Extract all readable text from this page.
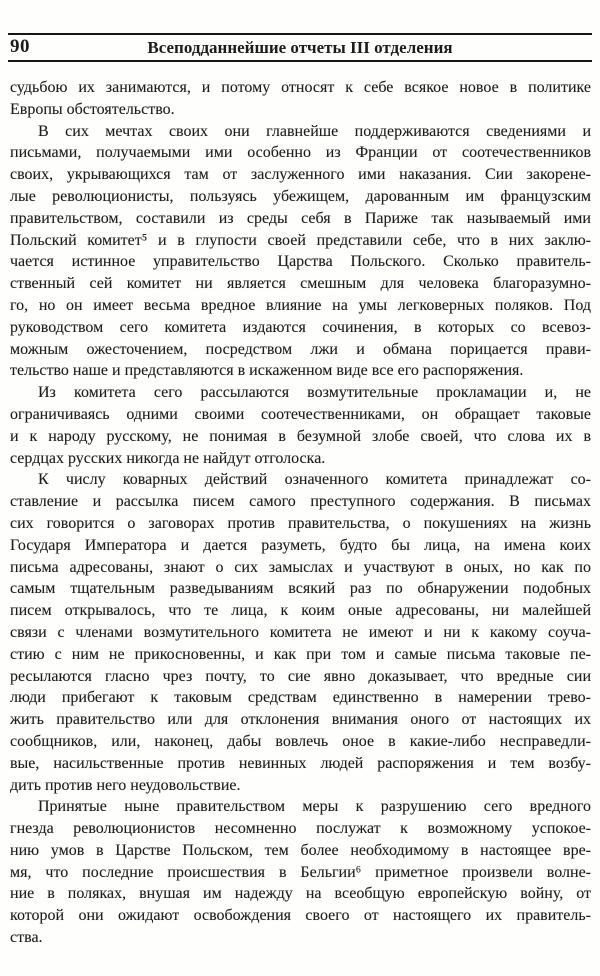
90	Всеподданнейшие отчеты III отделения
судьбою их занимаются, и потому относят к себе всякое новое в политике
Европы обстоятельство.
В сих мечтах своих они главнейше поддерживаются сведениями и
письмами, получаемыми ими особенно из Франции от соотечественников
своих, укрывающихся там от заслуженного ими наказания. Сии закорене-
лые революционисты, пользуясь убежищем, дарованным им французским
правительством, составили из среды себя в Париже так называемый ими
Польский комитет⁵ и в глупости своей представили себе, что в них заклю-
чается истинное управительство Царства Польского. Сколько правитель-
ственный сей комитет ни является смешным для человека благоразумно-
го, но он имеет весьма вредное влияние на умы легковерных поляков. Под
руководством сего комитета издаются сочинения, в которых со всевоз-
можным ожесточением, посредством лжи и обмана порицается прави-
тельство наше и представляются в искаженном виде все его распоряжения.
Из комитета сего рассылаются возмутительные прокламации и, не
ограничиваясь одними своими соотечественниками, он обращает таковые
и к народу русскому, не понимая в безумной злобе своей, что слова их в
сердцах русских никогда не найдут отголоска.
К числу коварных действий означенного комитета принадлежат со-
ставление и рассылка писем самого преступного содержания. В письмах
сих говорится о заговорах против правительства, о покушениях на жизнь
Государя Императора и дается разуметь, будто бы лица, на имена коих
письма адресованы, знают о сих замыслах и участвуют в оных, но как по
самым тщательным разведываниям всякий раз по обнаружении подобных
писем открывалось, что те лица, к коим оные адресованы, ни малейшей
связи с членами возмутительного комитета не имеют и ни к какому соуча-
стию с ним не прикосновенны, и как при том и самые письма таковые пе-
ресылаются гласно чрез почту, то сие явно доказывает, что вредные сии
люди прибегают к таковым средствам единственно в намерении трево-
жить правительство или для отклонения внимания оного от настоящих их
сообщников, или, наконец, дабы вовлечь оное в какие-либо несправедли-
вые, насильственные против невинных людей распоряжения и тем возбу-
дить против него неудовольствие.
Принятые ныне правительством меры к разрушению сего вредного
гнезда революционистов несомненно послужат к возможному успокое-
нию умов в Царстве Польском, тем более необходимому в настоящее вре-
мя, что последние происшествия в Бельгии⁶ приметное произвели волне-
ние в поляках, внушая им надежду на всеобщую европейскую войну, от
которой они ожидают освобождения своего от настоящего их правитель-
ства.
